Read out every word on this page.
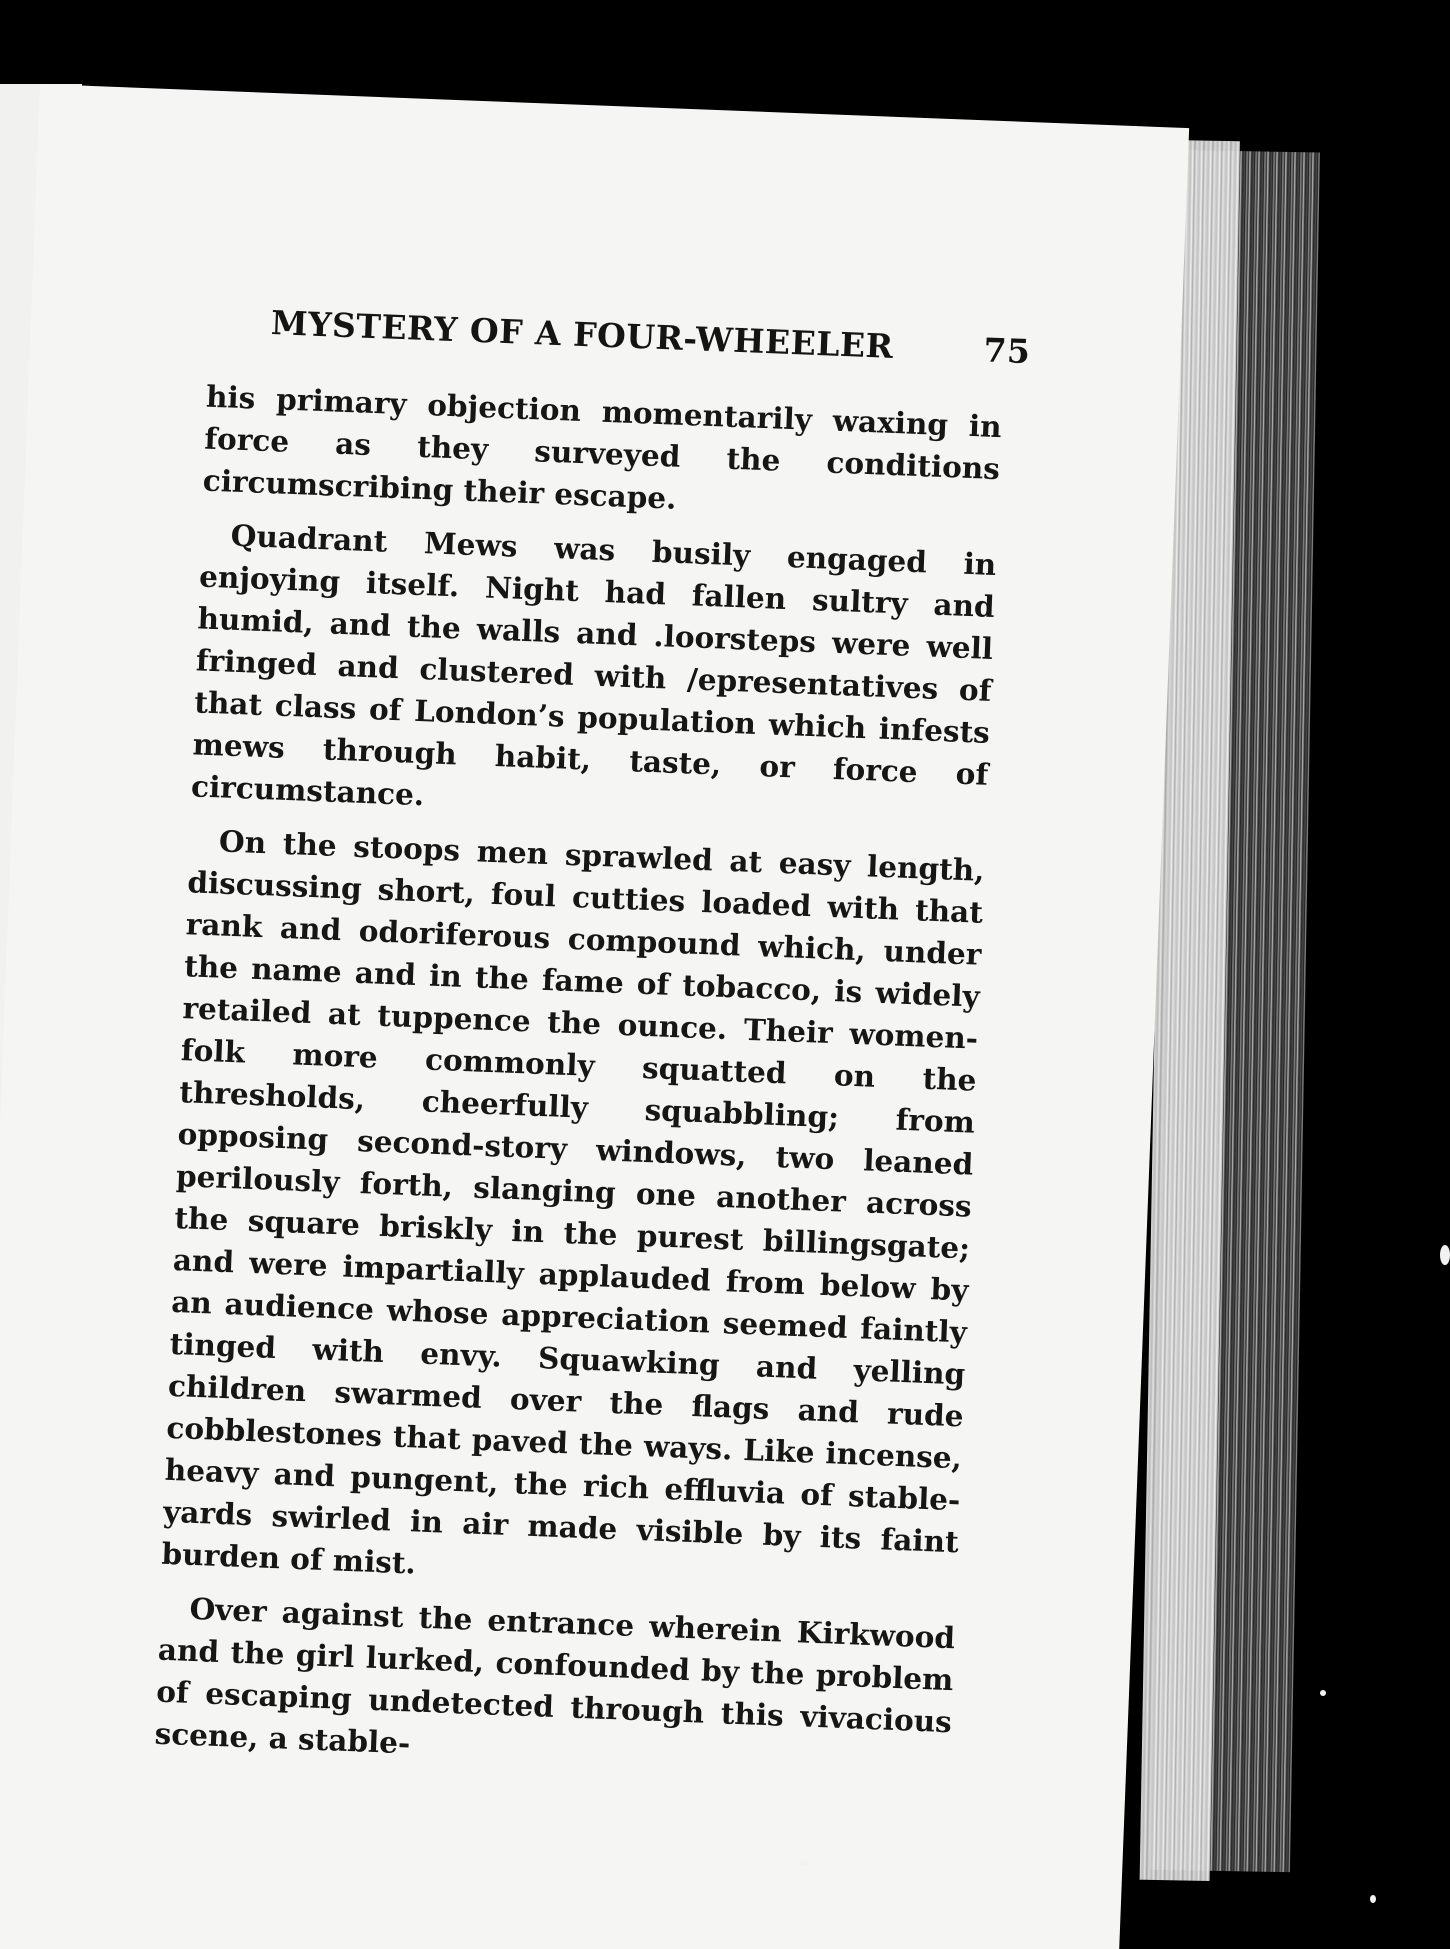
MYSTERY OF A FOUR-WHEELER	75

his primary objection momentarily waxing in force as they surveyed the conditions circumscribing their escape.

Quadrant Mews was busily engaged in enjoying itself. Night had fallen sultry and humid, and the walls and .loorsteps were well fringed and clustered with /epresentatives of that class of London’s population which infests mews through habit, taste, or force of circumstance.

On the stoops men sprawled at easy length, discussing short, foul cutties loaded with that rank and odoriferous compound which, under the name and in the fame of tobacco, is widely retailed at tuppence the ounce. Their women-folk more commonly squatted on the thresholds, cheerfully squabbling; from opposing second-story windows, two leaned perilously forth, slanging one another across the square briskly in the purest billingsgate; and were impartially applauded from below by an audience whose appreciation seemed faintly tinged with envy. Squawking and yelling children swarmed over the flags and rude cobblestones that paved the ways. Like incense, heavy and pungent, the rich effluvia of stable-yards swirled in air made visible by its faint burden of mist.

Over against the entrance wherein Kirkwood and the girl lurked, confounded by the problem of escaping undetected through this vivacious scene, a stable-
